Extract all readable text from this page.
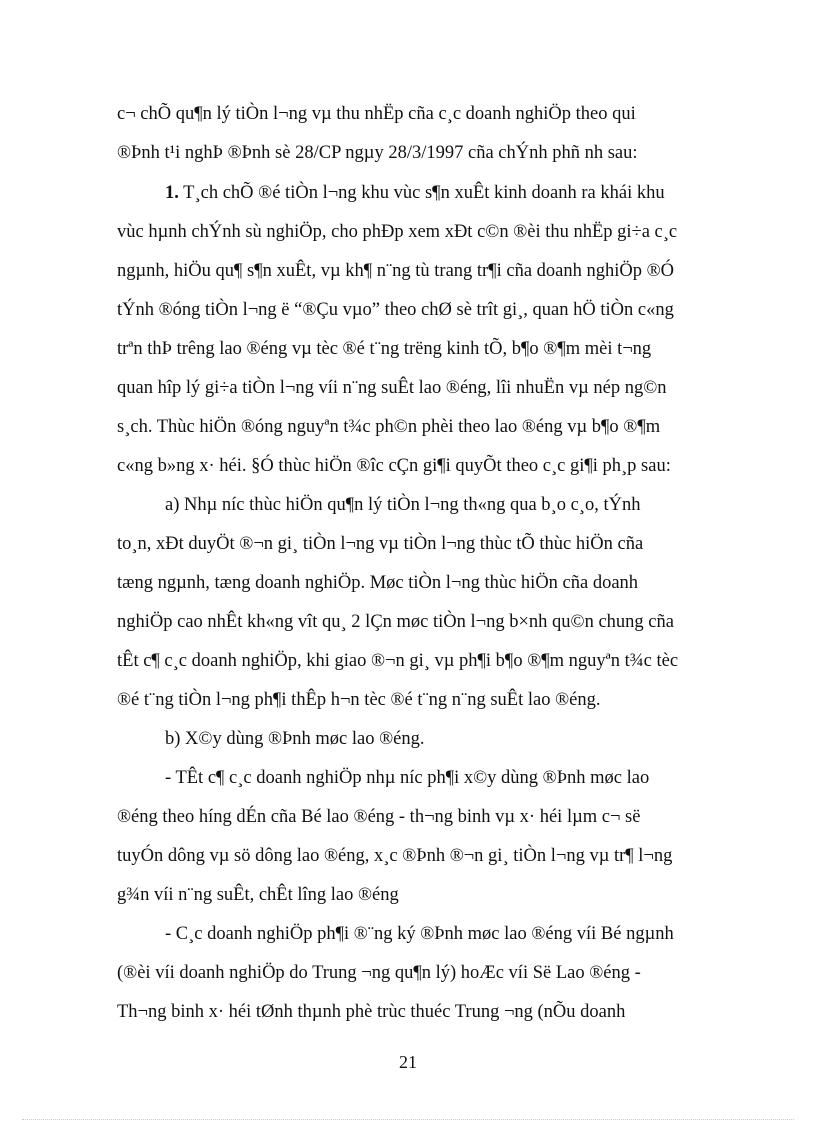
c¬ chÕ qu¶n lý tiÒn l¬ng vµ thu nhËp cña c¸c doanh nghiÖp theo qui
®Þnh t¹i nghÞ ®Þnh sè 28/CP ngµy 28/3/1997 cña chÝnh phñ nh sau:
1. T¸ch chÕ ®é tiÒn l¬ng khu vùc s¶n xuÊt kinh doanh ra khái khu
vùc hµnh chÝnh sù nghiÖp, cho phÐp xem xÐt c©n ®èi thu nhËp gi÷a c¸c
ngµnh, hiÖu qu¶ s¶n xuÊt, vµ kh¶ n¨ng tù trang tr¶i cña doanh nghiÖp ®Ó
tÝnh ®óng tiÒn l¬ng ë “®Çu vµo” theo chØ sè trît gi¸, quan hÖ tiÒn c«ng
trªn thÞ trêng lao ®éng vµ tèc ®é t¨ng trëng kinh tÕ, b¶o ®¶m mèi t¬ng
quan hîp lý gi÷a tiÒn l¬ng víi n¨ng suÊt lao ®éng, lîi nhuËn vµ nép ng©n
s¸ch. Thùc hiÖn ®óng nguyªn t¾c ph©n phèi theo lao ®éng vµ b¶o ®¶m
c«ng b»ng x· héi. §Ó thùc hiÖn ®îc cÇn gi¶i quyÕt theo c¸c gi¶i ph¸p sau:
a) Nhµ níc thùc hiÖn qu¶n lý tiÒn l¬ng th«ng qua b¸o c¸o, tÝnh
to¸n, xÐt duyÖt ®¬n gi¸ tiÒn l¬ng vµ tiÒn l¬ng thùc tÕ thùc hiÖn cña
tæng ngµnh, tæng doanh nghiÖp. Møc tiÒn l¬ng thùc hiÖn cña doanh
nghiÖp cao nhÊt kh«ng vît qu¸ 2 lÇn møc tiÒn l¬ng b×nh qu©n chung cña
tÊt c¶ c¸c doanh nghiÖp, khi giao ®¬n gi¸ vµ ph¶i b¶o ®¶m nguyªn t¾c tèc
®é t¨ng tiÒn l¬ng ph¶i thÊp h¬n tèc ®é t¨ng n¨ng suÊt lao ®éng.
b) X©y dùng ®Þnh møc lao ®éng.
- TÊt c¶ c¸c doanh nghiÖp nhµ níc ph¶i x©y dùng ®Þnh møc lao
®éng theo híng dÉn cña Bé lao ®éng - th¬ng binh vµ x· héi lµm c¬ së
tuyÓn dông vµ sö dông lao ®éng, x¸c ®Þnh ®¬n gi¸ tiÒn l¬ng vµ tr¶ l¬ng
g¾n víi n¨ng suÊt, chÊt lîng lao ®éng
- C¸c doanh nghiÖp ph¶i ®¨ng ký ®Þnh møc lao ®éng víi Bé ngµnh
(®èi víi doanh nghiÖp do Trung ¬ng qu¶n lý) hoÆc víi Së Lao ®éng -
Th¬ng binh x· héi tØnh thµnh phè trùc thuéc Trung ¬ng (nÕu doanh
21
